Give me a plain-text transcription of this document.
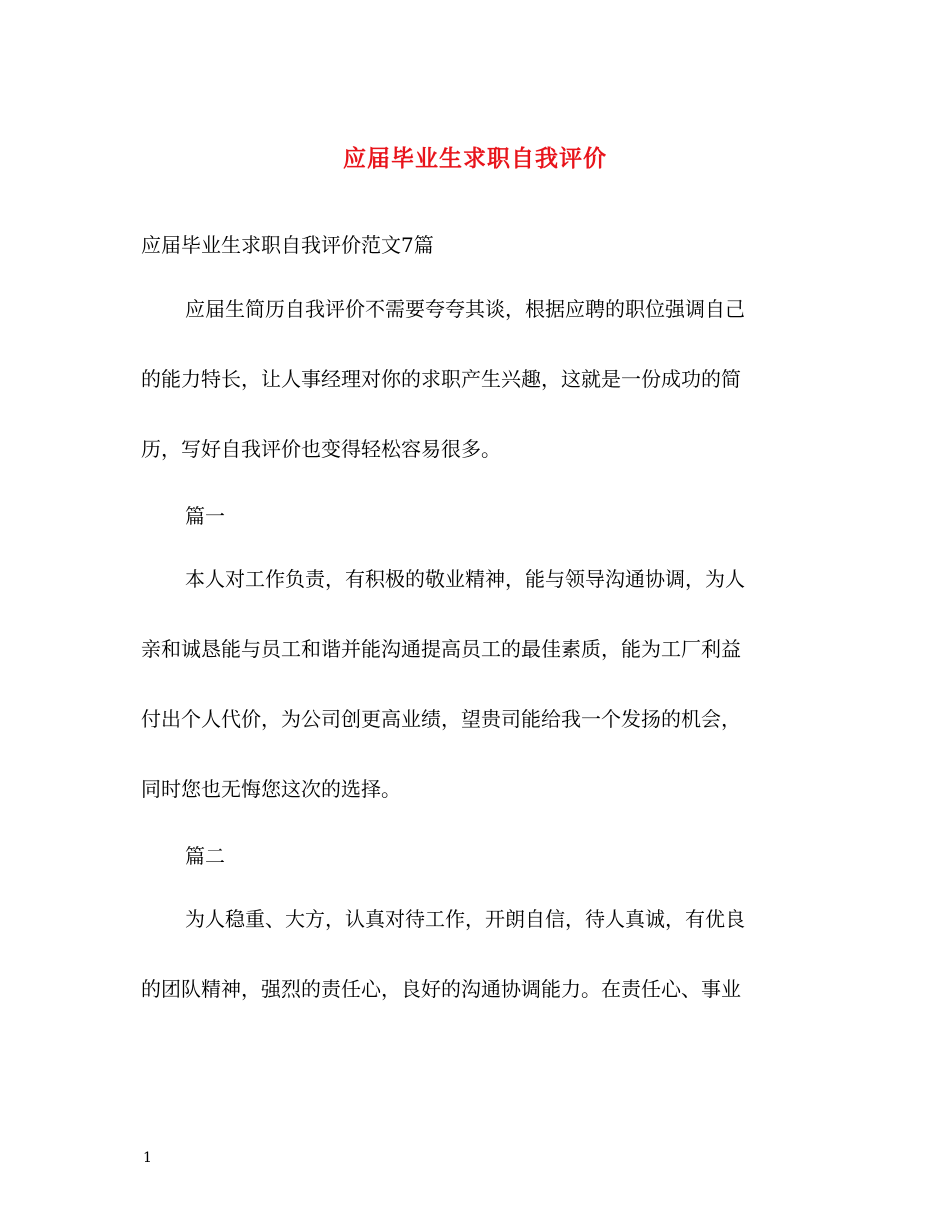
应届毕业生求职自我评价

应届毕业生求职自我评价范文7篇

应届生简历自我评价不需要夸夸其谈，根据应聘的职位强调自己

的能力特长，让人事经理对你的求职产生兴趣，这就是一份成功的简

历，写好自我评价也变得轻松容易很多。

篇一

本人对工作负责，有积极的敬业精神，能与领导沟通协调，为人

亲和诚恳能与员工和谐并能沟通提高员工的最佳素质，能为工厂利益

付出个人代价，为公司创更高业绩，望贵司能给我一个发扬的机会，

同时您也无悔您这次的选择。

篇二

为人稳重、大方，认真对待工作，开朗自信，待人真诚，有优良

的团队精神，强烈的责任心，良好的沟通协调能力。在责任心、事业

1
